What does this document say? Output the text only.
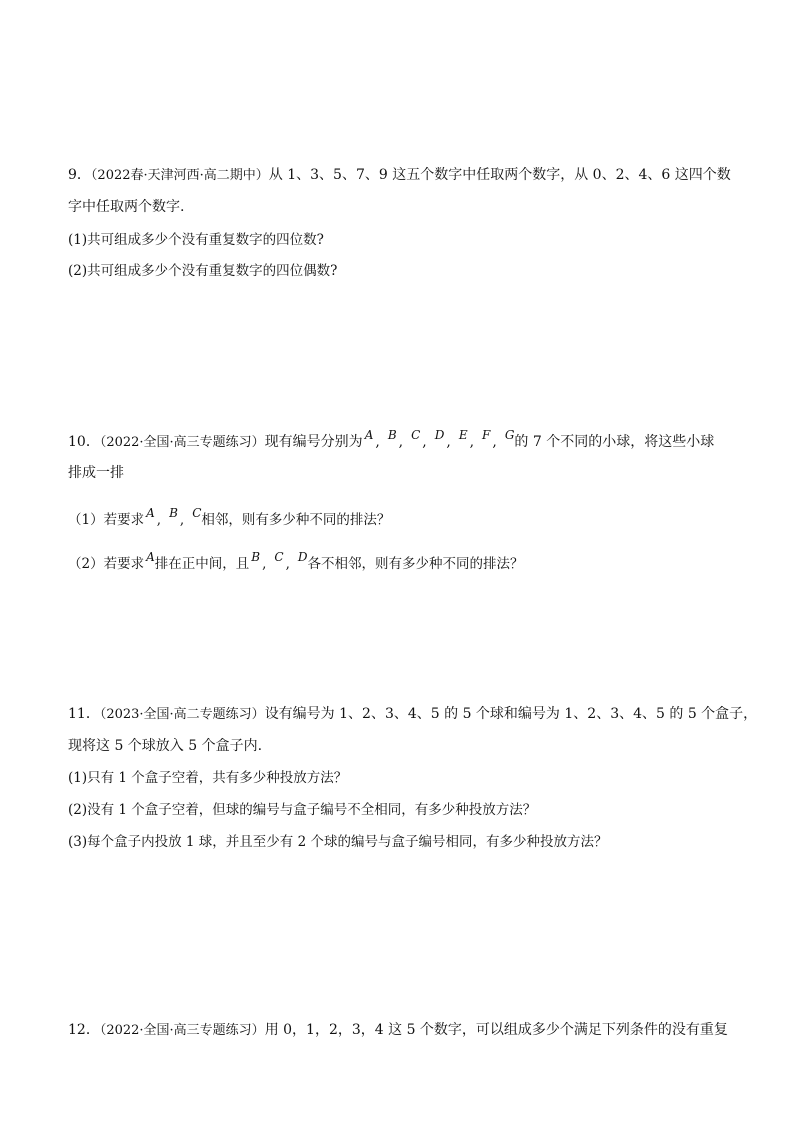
9．（2022春·天津河西·高二期中）从 1、3、5、7、9 这五个数字中任取两个数字，从 0、2、4、6 这四个数
字中任取两个数字.
(1)共可组成多少个没有重复数字的四位数?
(2)共可组成多少个没有重复数字的四位偶数?
10．（2022·全国·高三专题练习）现有编号分别为 A , B , C , D , E , F , G的 7 个不同的小球，将这些小球
排成一排
（1）若要求 A , B , C相邻，则有多少种不同的排法？
（2）若要求 A排在正中间，且 B , C , D各不相邻，则有多少种不同的排法？
11．（2023·全国·高二专题练习）设有编号为 1、2、3、4、5 的 5 个球和编号为 1、2、3、4、5 的 5 个盒子，
现将这 5 个球放入 5 个盒子内.
(1)只有 1 个盒子空着，共有多少种投放方法？
(2)没有 1 个盒子空着，但球的编号与盒子编号不全相同，有多少种投放方法？
(3)每个盒子内投放 1 球，并且至少有 2 个球的编号与盒子编号相同，有多少种投放方法？
12．（2022·全国·高三专题练习）用 0，1，2，3，4 这 5 个数字，可以组成多少个满足下列条件的没有重复
